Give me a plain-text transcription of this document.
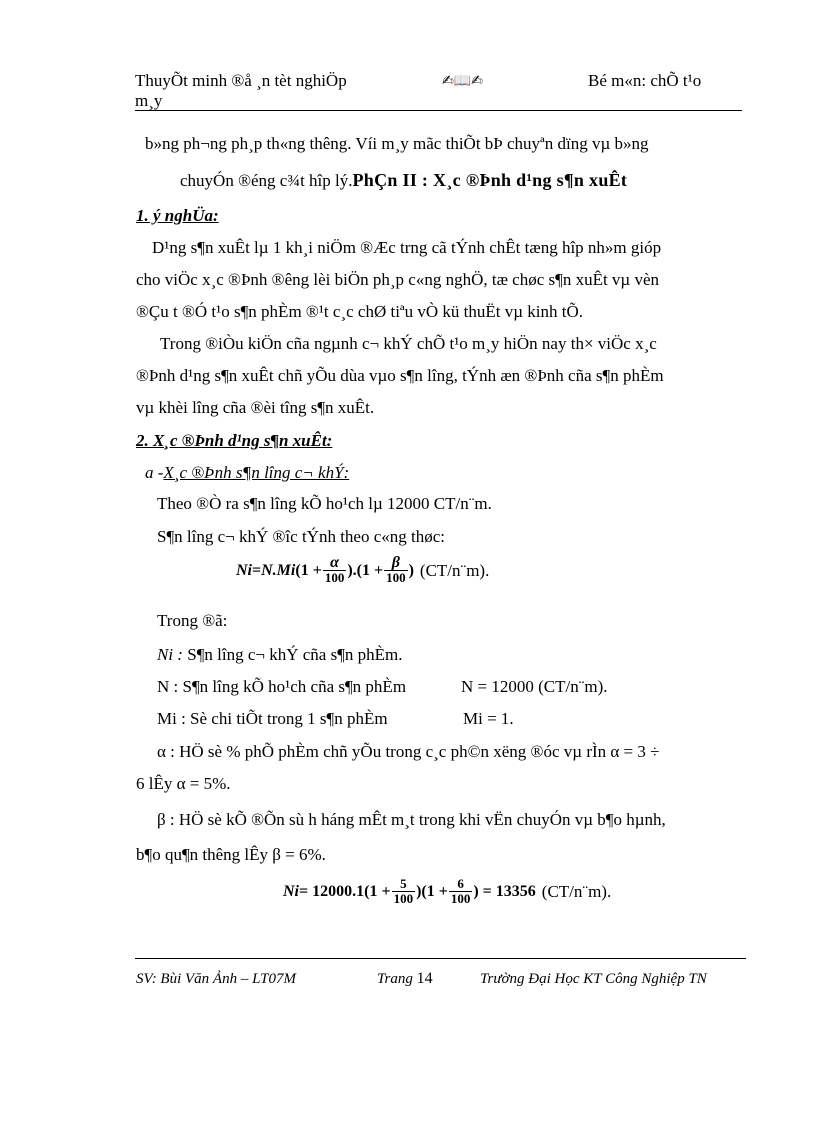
ThuyÕt minh ®å ¸n tèt nghiÖp	✍📖✍	Bé m«n: chÕ t¹o
m¸y
b»ng ph¬ng ph¸p th«ng thêng. Víi m¸y mãc thiÕt bÞ chuyªn dïng vµ b»ng
chuyÓn ®éng c¾t hîp lý.PhÇn II : X¸c ®Þnh d¹ng s¶n xuÊt
1. ý nghÜa:
D¹ng s¶n xuÊt lµ 1 kh¸i niÖm ®Æc trng cã tÝnh chÊt tæng hîp nh»m gióp
cho viÖc x¸c ®Þnh ®êng lèi biÖn ph¸p c«ng nghÖ, tæ chøc s¶n xuÊt vµ vèn
®Çu t ®Ó t¹o s¶n phÈm ®¹t c¸c chØ tiªu vÒ kü thuËt vµ kinh tÕ.
Trong ®iÒu kiÖn cña ngµnh c¬ khÝ chÕ t¹o m¸y hiÖn nay th× viÖc x¸c
®Þnh d¹ng s¶n xuÊt chñ yÕu dùa vµo s¶n lîng, tÝnh æn ®Þnh cña s¶n phÈm
vµ khèi lîng cña ®èi tîng s¶n xuÊt.
2. X¸c ®Þnh d¹ng s¶n xuÊt:
a -X¸c ®Þnh s¶n lîng c¬ khÝ:
Theo ®Ò ra s¶n lîng kÕ ho¹ch lµ 12000 CT/n¨m.
S¶n lîng c¬ khÝ ®îc tÝnh theo c«ng thøc:
Ni = N.Mi $(1 + \frac{\alpha}{100} ).(1 + \frac{\beta}{100}$ ) (CT/n¨m).
Trong ®ã:
Ni : S¶n lîng c¬ khÝ cña s¶n phÈm.
N : S¶n lîng kÕ ho¹ch cña s¶n phÈm	N = 12000 (CT/n¨m).
Mi : Sè chi tiÕt trong 1 s¶n phÈm	Mi = 1.
α : HÖ sè % phÕ phÈm chñ yÕu trong c¸c ph©n xëng ®óc vµ rÌn α = 3 ÷
6 lÊy α = 5%.
β : HÖ sè kÕ ®Õn sù h háng mÊt m¸t trong khi vËn chuyÓn vµ b¶o hµnh,
b¶o qu¶n thêng lÊy β = 6%.
$Ni = 12000.1(1 + \frac{5}{100} )(1 + \frac{6}{100}$ ) = 13356 (CT/n¨m).
SV: Bùi Văn Ảnh – LT07M	Trang 14	Trường Đại Học KT Công Nghiệp TN
